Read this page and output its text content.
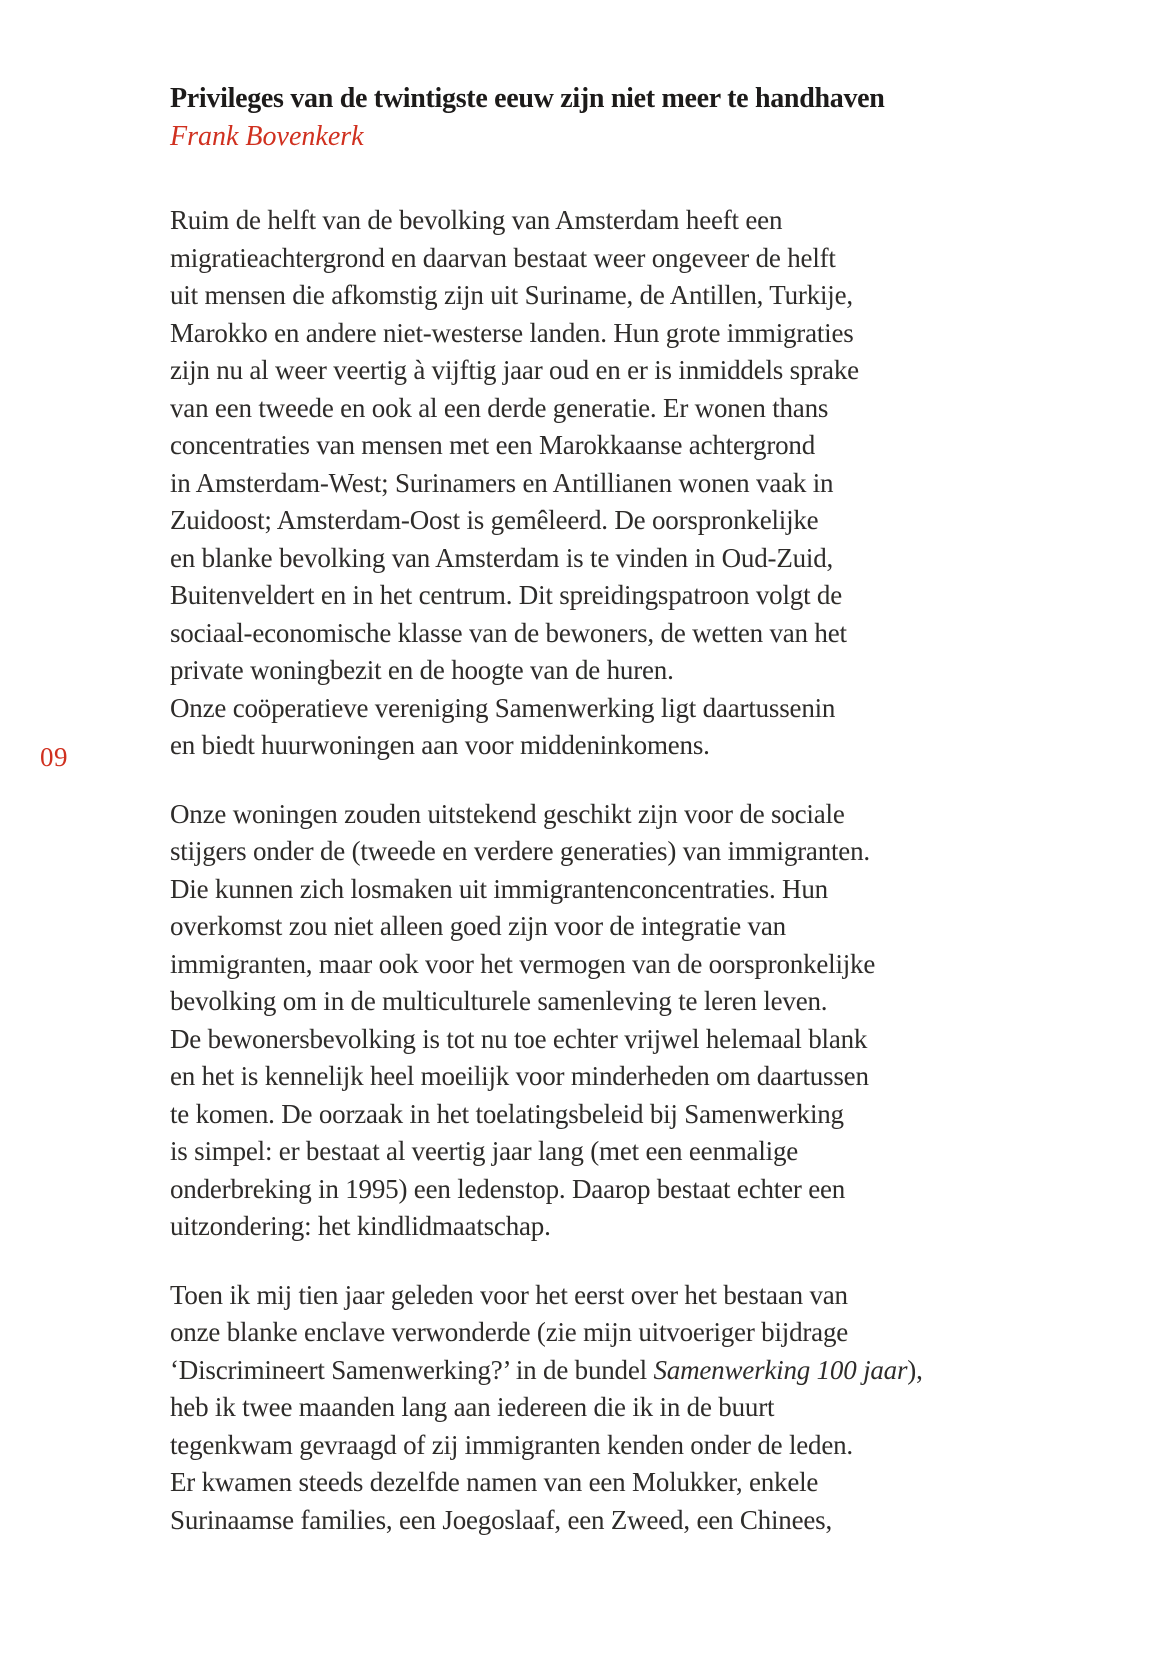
09
Privileges van de twintigste eeuw zijn niet meer te handhaven
Frank Bovenkerk
Ruim de helft van de bevolking van Amsterdam heeft een
migratieachtergrond en daarvan bestaat weer ongeveer de helft
uit mensen die afkomstig zijn uit Suriname, de Antillen, Turkije,
Marokko en andere niet-westerse landen. Hun grote immigraties
zijn nu al weer veertig à vijftig jaar oud en er is inmiddels sprake
van een tweede en ook al een derde generatie. Er wonen thans
concentraties van mensen met een Marokkaanse achtergrond
in Amsterdam-West; Surinamers en Antillianen wonen vaak in
Zuidoost; Amsterdam-Oost is gemêleerd. De oorspronkelijke
en blanke bevolking van Amsterdam is te vinden in Oud-Zuid,
Buitenveldert en in het centrum. Dit spreidingspatroon volgt de
sociaal-economische klasse van de bewoners, de wetten van het
private woningbezit en de hoogte van de huren.
Onze coöperatieve vereniging Samenwerking ligt daartussenin
en biedt huurwoningen aan voor middeninkomens.
Onze woningen zouden uitstekend geschikt zijn voor de sociale
stijgers onder de (tweede en verdere generaties) van immigranten.
Die kunnen zich losmaken uit immigrantenconcentraties. Hun
overkomst zou niet alleen goed zijn voor de integratie van
immigranten, maar ook voor het vermogen van de oorspronkelijke
bevolking om in de multiculturele samenleving te leren leven.
De bewonersbevolking is tot nu toe echter vrijwel helemaal blank
en het is kennelijk heel moeilijk voor minderheden om daartussen
te komen. De oorzaak in het toelatingsbeleid bij Samenwerking
is simpel: er bestaat al veertig jaar lang (met een eenmalige
onderbreking in 1995) een ledenstop. Daarop bestaat echter een
uitzondering: het kindlidmaatschap.
Toen ik mij tien jaar geleden voor het eerst over het bestaan van
onze blanke enclave verwonderde (zie mijn uitvoeriger bijdrage
‘Discrimineert Samenwerking?’ in de bundel Samenwerking 100 jaar),
heb ik twee maanden lang aan iedereen die ik in de buurt
tegenkwam gevraagd of zij immigranten kenden onder de leden.
Er kwamen steeds dezelfde namen van een Molukker, enkele
Surinaamse families, een Joegoslaaf, een Zweed, een Chinees,
